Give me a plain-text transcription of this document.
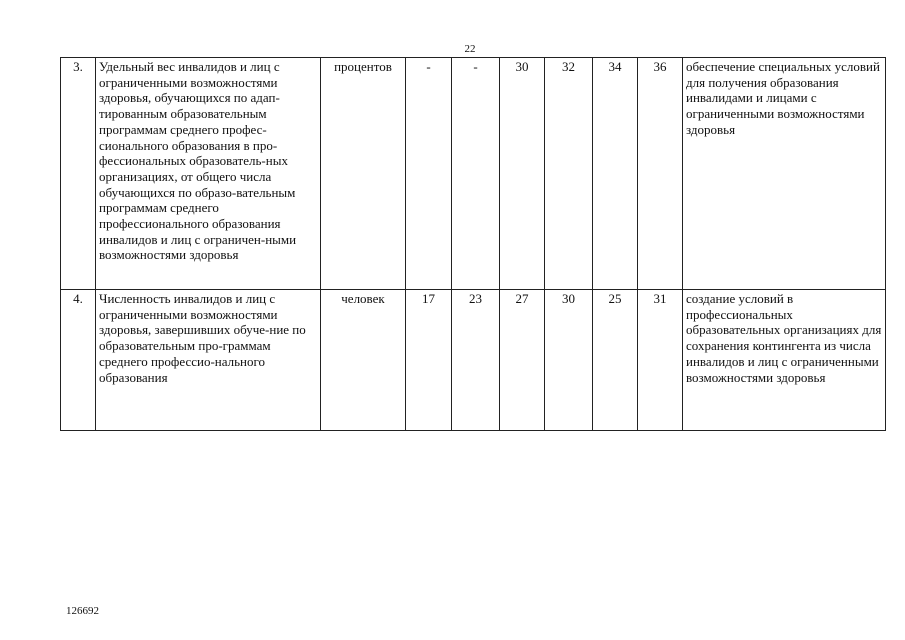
22
3.	Удельный вес инвалидов и лиц с ограниченными возможностями здоровья, обучающихся по адап-тированным образовательным программам среднего профес-сионального образования в про-фессиональных образователь-ных организациях, от общего числа обучающихся по образо-вательным программам среднего профессионального образования инвалидов и лиц с ограничен-ными возможностями здоровья	процентов	-	-	30	32	34	36	обеспечение специальных условий для получения образования инвалидами и лицами с ограниченными возможностями здоровья
4.	Численность инвалидов и лиц с ограниченными возможностями здоровья, завершивших обуче-ние по образовательным про-граммам среднего профессио-нального образования	человек	17	23	27	30	25	31	создание условий в профессиональных образовательных организациях для сохранения контингента из числа инвалидов и лиц с ограниченными возможностями здоровья
126692
